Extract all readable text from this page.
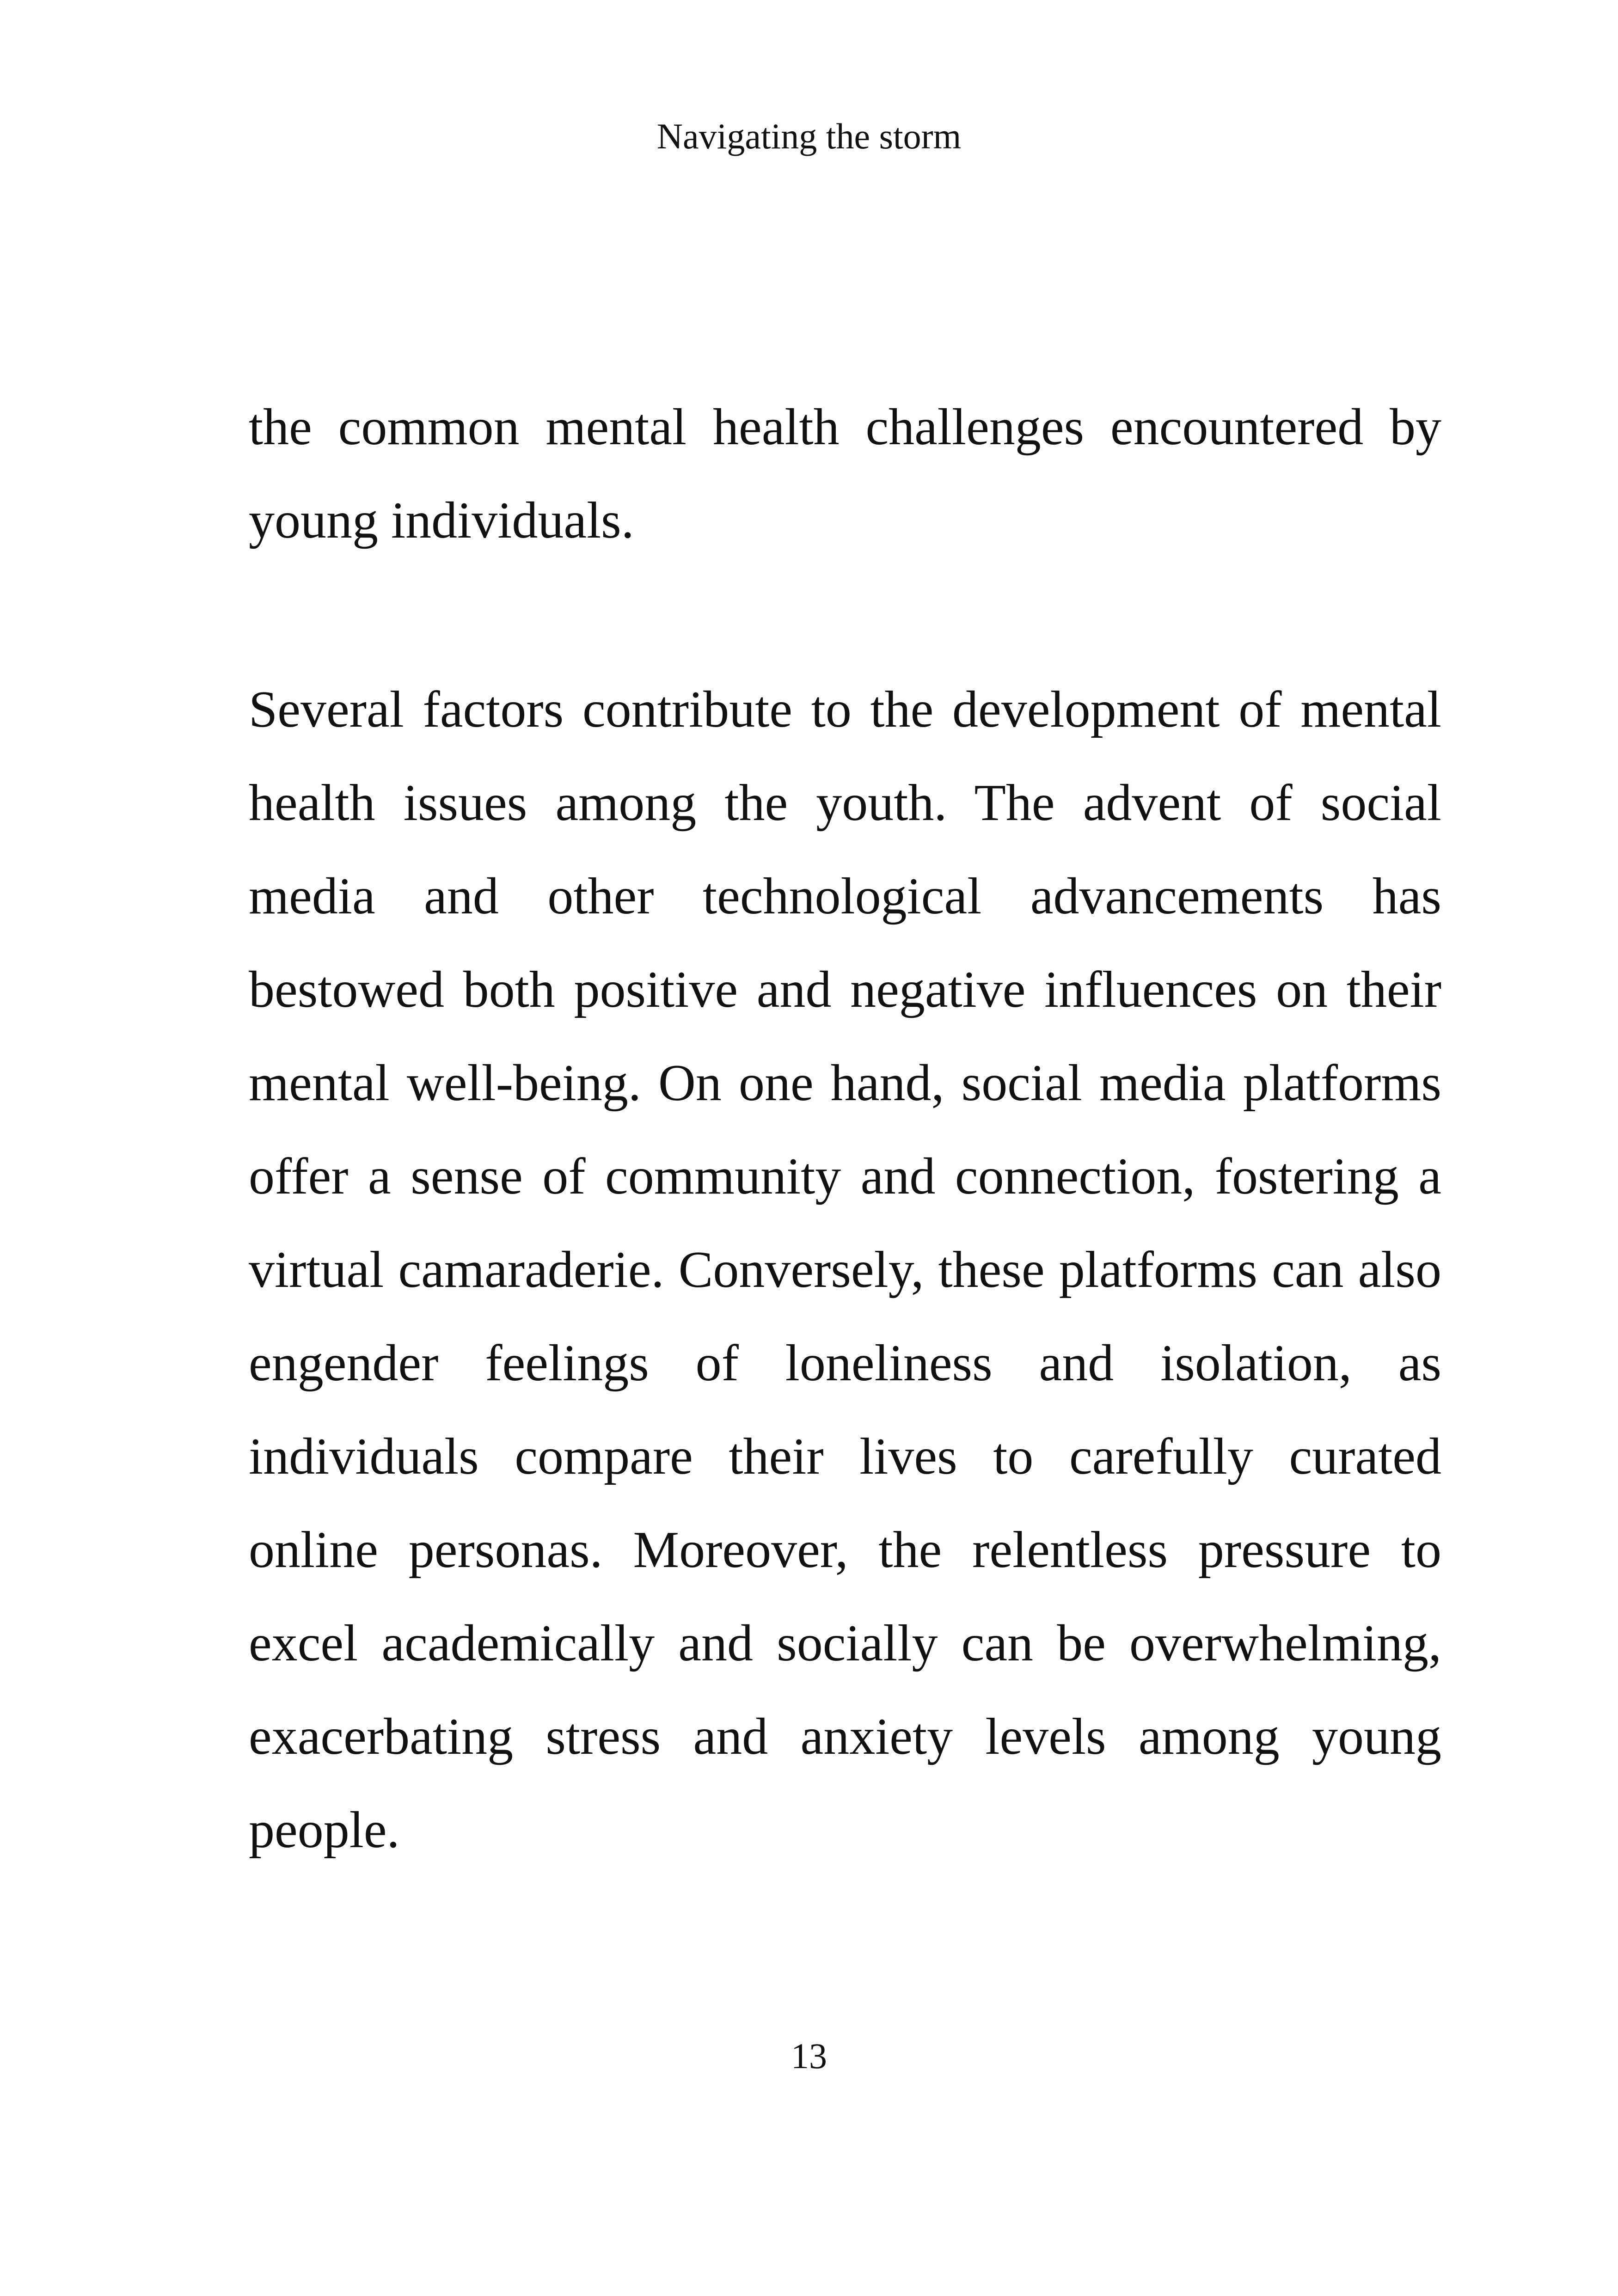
Navigating the storm

the common mental health challenges encountered by young individuals.

Several factors contribute to the development of mental health issues among the youth. The advent of social media and other technological advancements has bestowed both positive and negative influences on their mental well-being. On one hand, social media platforms offer a sense of community and connection, fostering a virtual camaraderie. Conversely, these platforms can also engender feelings of loneliness and isolation, as individuals compare their lives to carefully curated online personas. Moreover, the relentless pressure to excel academically and socially can be overwhelming, exacerbating stress and anxiety levels among young people.

13
